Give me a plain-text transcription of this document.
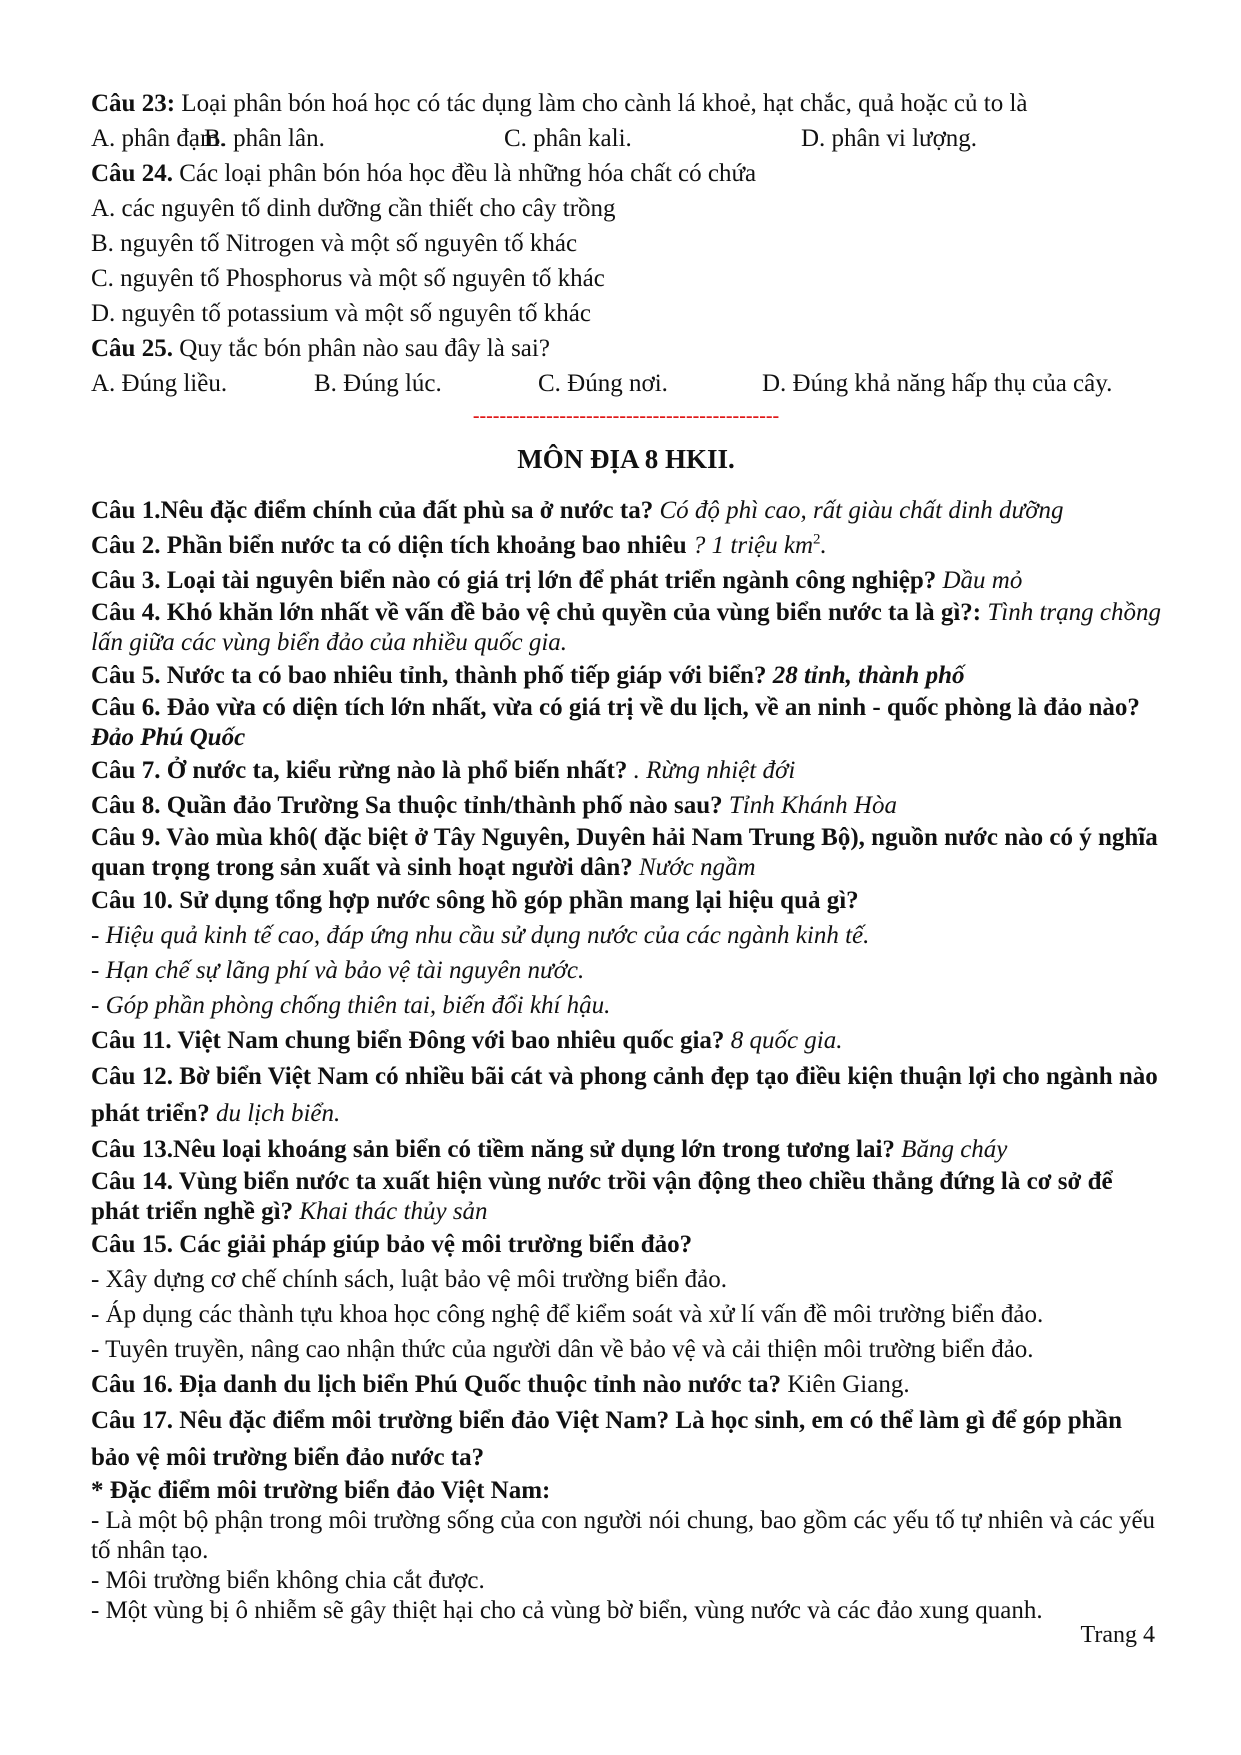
Câu 23: Loại phân bón hoá học có tác dụng làm cho cành lá khoẻ, hạt chắc, quả hoặc củ to là
A. phân đạm.
B. phân lân.	C. phân kali.	D. phân vi lượng.
Câu 24. Các loại phân bón hóa học đều là những hóa chất có chứa
A. các nguyên tố dinh dưỡng cần thiết cho cây trồng
B. nguyên tố Nitrogen và một số nguyên tố khác
C. nguyên tố Phosphorus và một số nguyên tố khác
D. nguyên tố potassium và một số nguyên tố khác
Câu 25. Quy tắc bón phân nào sau đây là sai?
A. Đúng liều.	B. Đúng lúc.	C. Đúng nơi.	D. Đúng khả năng hấp thụ của cây.
----------------------------------------------
MÔN ĐỊA 8 HKII.
Câu 1.Nêu đặc điểm chính của đất phù sa ở nước ta? Có độ phì cao, rất giàu chất dinh dưỡng
Câu 2. Phần biển nước ta có diện tích khoảng bao nhiêu ? 1 triệu $km^2$.
Câu 3. Loại tài nguyên biển nào có giá trị lớn để phát triển ngành công nghiệp? Dầu mỏ
Câu 4. Khó khăn lớn nhất về vấn đề bảo vệ chủ quyền của vùng biển nước ta là gì?: Tình trạng chồng lấn giữa các vùng biển đảo của nhiều quốc gia.
Câu 5. Nước ta có bao nhiêu tỉnh, thành phố tiếp giáp với biển? 28 tỉnh, thành phố
Câu 6. Đảo vừa có diện tích lớn nhất, vừa có giá trị về du lịch, về an ninh - quốc phòng là đảo nào? Đảo Phú Quốc
Câu 7. Ở nước ta, kiểu rừng nào là phổ biến nhất? . Rừng nhiệt đới
Câu 8. Quần đảo Trường Sa thuộc tỉnh/thành phố nào sau? Tỉnh Khánh Hòa
Câu 9. Vào mùa khô( đặc biệt ở Tây Nguyên, Duyên hải Nam Trung Bộ), nguồn nước nào có ý nghĩa quan trọng trong sản xuất và sinh hoạt người dân? Nước ngầm
Câu 10. Sử dụng tổng hợp nước sông hồ góp phần mang lại hiệu quả gì?
- Hiệu quả kinh tế cao, đáp ứng nhu cầu sử dụng nước của các ngành kinh tế.
- Hạn chế sự lãng phí và bảo vệ tài nguyên nước.
- Góp phần phòng chống thiên tai, biến đổi khí hậu.
Câu 11. Việt Nam chung biển Đông với bao nhiêu quốc gia? 8 quốc gia.
Câu 12. Bờ biển Việt Nam có nhiều bãi cát và phong cảnh đẹp tạo điều kiện thuận lợi cho ngành nào phát triển? du lịch biển.
Câu 13.Nêu loại khoáng sản biển có tiềm năng sử dụng lớn trong tương lai? Băng cháy
Câu 14. Vùng biển nước ta xuất hiện vùng nước trồi vận động theo chiều thẳng đứng là cơ sở để phát triển nghề gì? Khai thác thủy sản
Câu 15. Các giải pháp giúp bảo vệ môi trường biển đảo?
- Xây dựng cơ chế chính sách, luật bảo vệ môi trường biển đảo.
- Áp dụng các thành tựu khoa học công nghệ để kiểm soát và xử lí vấn đề môi trường biển đảo.
- Tuyên truyền, nâng cao nhận thức của người dân về bảo vệ và cải thiện môi trường biển đảo.
Câu 16. Địa danh du lịch biển Phú Quốc thuộc tỉnh nào nước ta? Kiên Giang.
Câu 17. Nêu đặc điểm môi trường biển đảo Việt Nam? Là học sinh, em có thể làm gì để góp phần bảo vệ môi trường biển đảo nước ta?
* Đặc điểm môi trường biển đảo Việt Nam:
- Là một bộ phận trong môi trường sống của con người nói chung, bao gồm các yếu tố tự nhiên và các yếu tố nhân tạo.
- Môi trường biển không chia cắt được.
- Một vùng bị ô nhiễm sẽ gây thiệt hại cho cả vùng bờ biển, vùng nước và các đảo xung quanh.
Trang 4
